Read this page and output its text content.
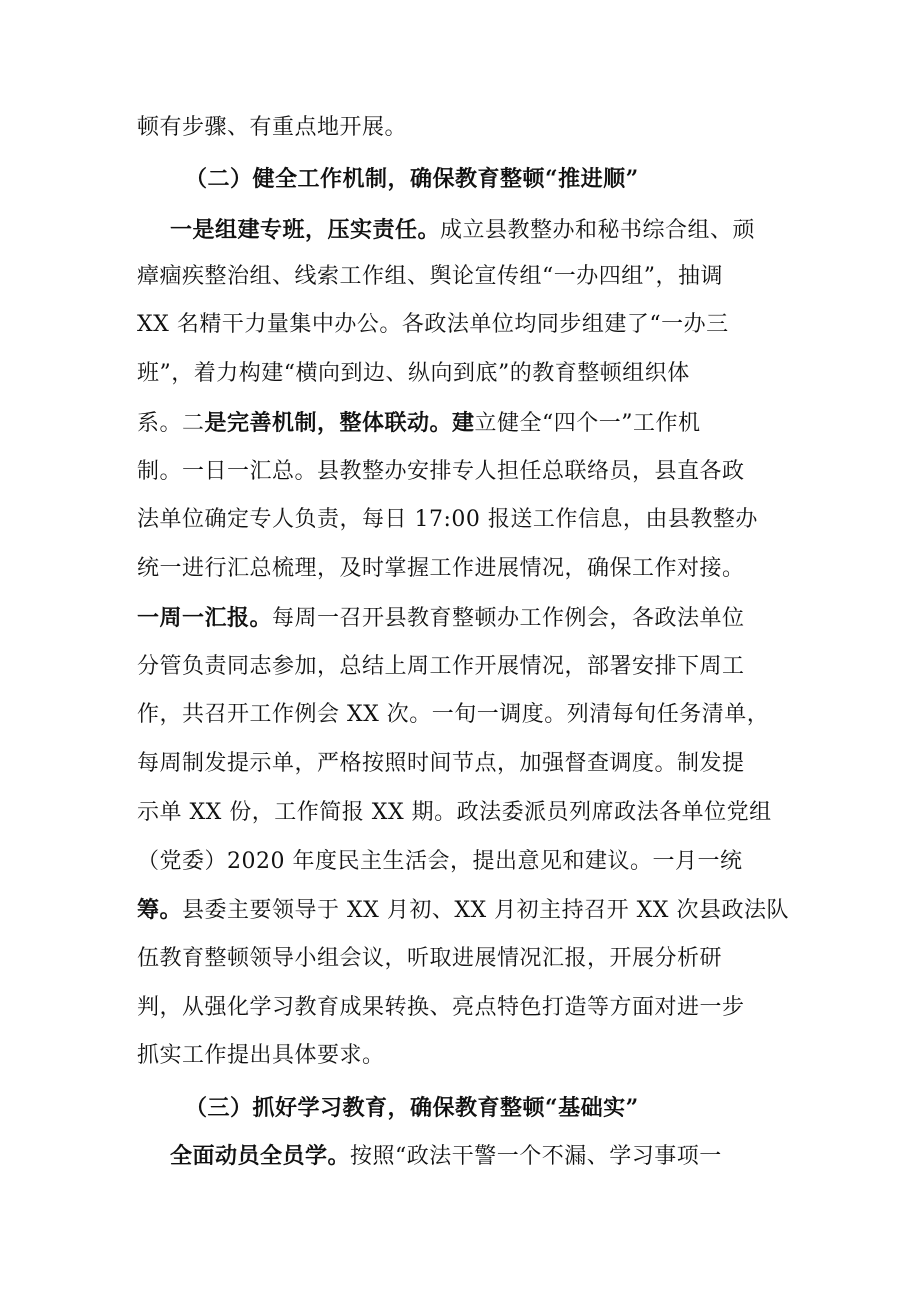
顿有步骤、有重点地开展。
（二）健全工作机制，确保教育整顿“推进顺”
一是组建专班，压实责任。成立县教整办和秘书综合组、顽
瘴痼疾整治组、线索工作组、舆论宣传组“一办四组”，抽调
XX 名精干力量集中办公。各政法单位均同步组建了“一办三
班”，着力构建“横向到边、纵向到底”的教育整顿组织体
系。二是完善机制，整体联动。建立健全“四个一”工作机
制。一日一汇总。县教整办安排专人担任总联络员，县直各政
法单位确定专人负责，每日 17:00 报送工作信息，由县教整办
统一进行汇总梳理，及时掌握工作进展情况，确保工作对接。
一周一汇报。每周一召开县教育整顿办工作例会，各政法单位
分管负责同志参加，总结上周工作开展情况，部署安排下周工
作，共召开工作例会 XX 次。一旬一调度。列清每旬任务清单，
每周制发提示单，严格按照时间节点，加强督查调度。制发提
示单 XX 份，工作简报 XX 期。政法委派员列席政法各单位党组
（党委）2020 年度民主生活会，提出意见和建议。一月一统
筹。县委主要领导于 XX 月初、XX 月初主持召开 XX 次县政法队
伍教育整顿领导小组会议，听取进展情况汇报，开展分析研
判，从强化学习教育成果转换、亮点特色打造等方面对进一步
抓实工作提出具体要求。
（三）抓好学习教育，确保教育整顿“基础实”
全面动员全员学。按照“政法干警一个不漏、学习事项一
